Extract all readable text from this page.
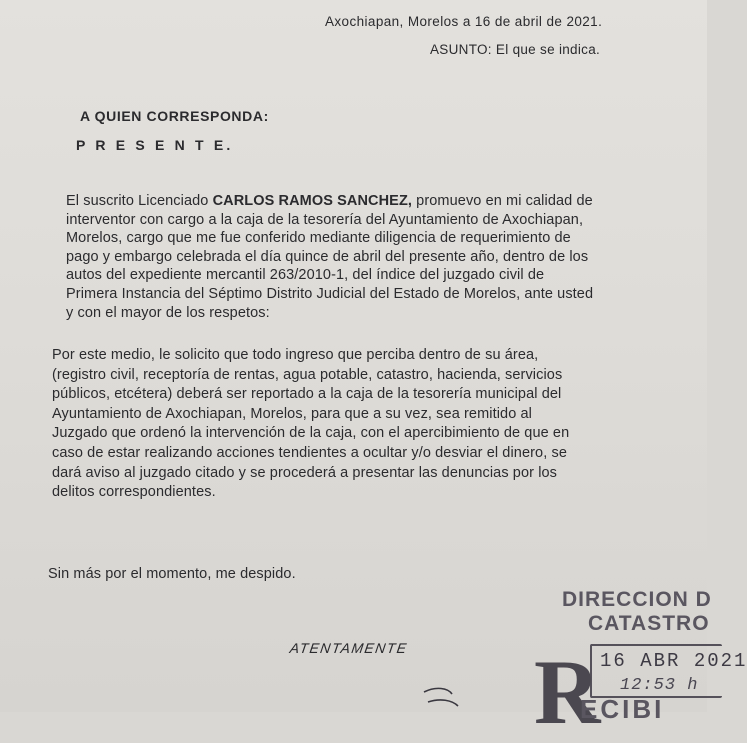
Axochiapan, Morelos a 16 de abril de 2021.
ASUNTO: El que se indica.
A QUIEN CORRESPONDA:
P R E S E N T E.
El suscrito Licenciado CARLOS RAMOS SANCHEZ, promuevo en mi calidad de
interventor con cargo a la caja de la tesorería del Ayuntamiento de Axochiapan,
Morelos, cargo que me fue conferido mediante diligencia de requerimiento de
pago y embargo celebrada el día quince de abril del presente año, dentro de los
autos del expediente mercantil 263/2010-1, del índice del juzgado civil de
Primera Instancia del Séptimo Distrito Judicial del Estado de Morelos, ante usted
y con el mayor de los respetos:
Por este medio, le solicito que todo ingreso que perciba dentro de su área,
(registro civil, receptoría de rentas, agua potable, catastro, hacienda, servicios
públicos, etcétera) deberá ser reportado a la caja de la tesorería municipal del
Ayuntamiento de Axochiapan, Morelos, para que a su vez, sea remitido al
Juzgado que ordenó la intervención de la caja, con el apercibimiento de que en
caso de estar realizando acciones tendientes a ocultar y/o desviar el dinero, se
dará aviso al juzgado citado y se procederá a presentar las denuncias por los
delitos correspondientes.
Sin más por el momento, me despido.
ATENTAMENTE
DIRECCION D
CATASTRO
16 ABR 2021
12:53 h
R
ECIBI
